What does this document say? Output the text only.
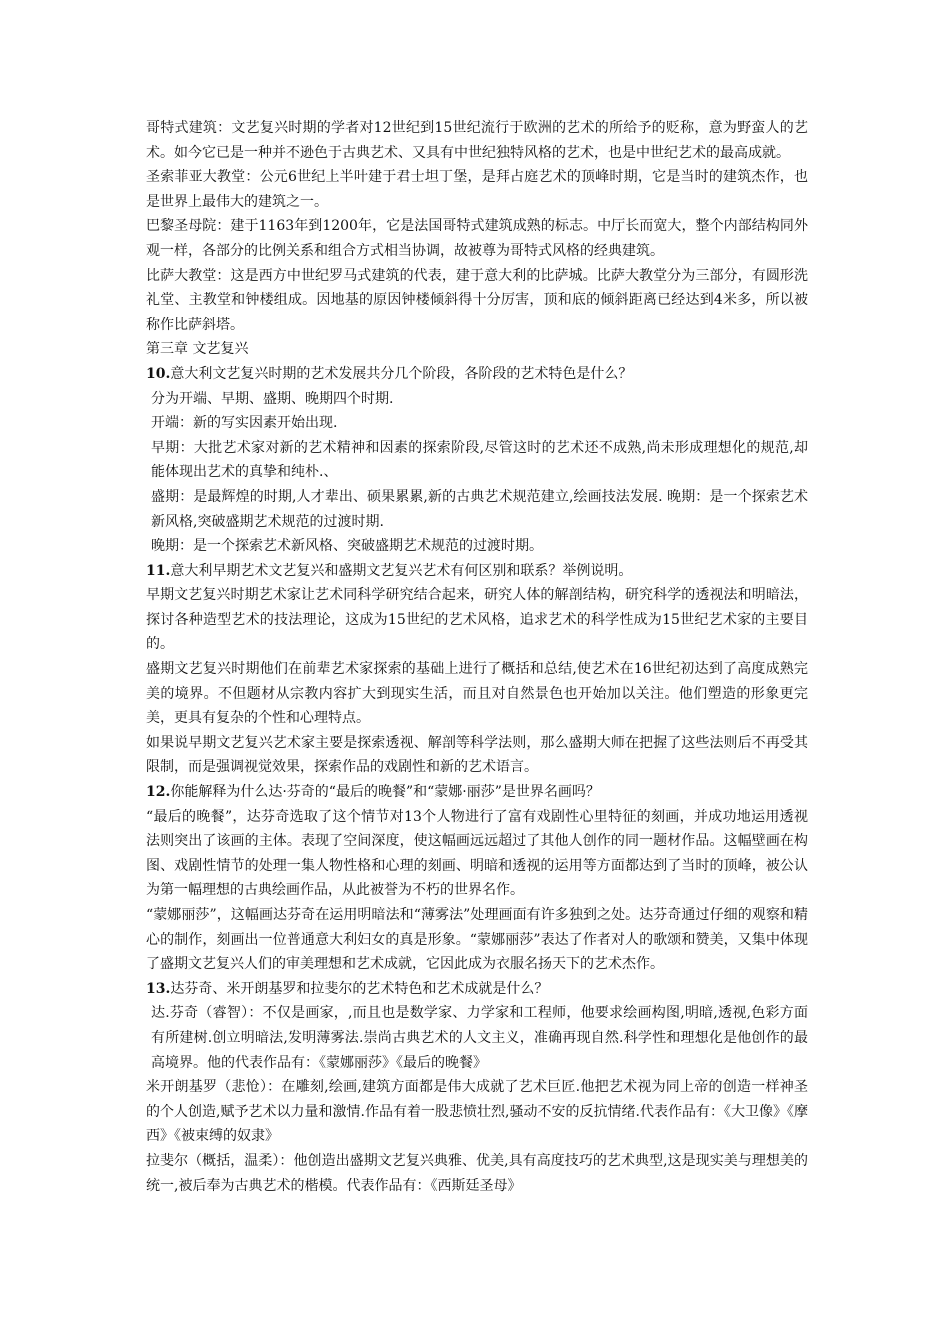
哥特式建筑：文艺复兴时期的学者对12世纪到15世纪流行于欧洲的艺术的所给予的贬称，意为野蛮人的艺术。如今它已是一种并不逊色于古典艺术、又具有中世纪独特风格的艺术，也是中世纪艺术的最高成就。

圣索菲亚大教堂：公元6世纪上半叶建于君士坦丁堡，是拜占庭艺术的顶峰时期，它是当时的建筑杰作，也是世界上最伟大的建筑之一。

巴黎圣母院：建于1163年到1200年，它是法国哥特式建筑成熟的标志。中厅长而宽大，整个内部结构同外观一样，各部分的比例关系和组合方式相当协调，故被尊为哥特式风格的经典建筑。

比萨大教堂：这是西方中世纪罗马式建筑的代表，建于意大利的比萨城。比萨大教堂分为三部分，有圆形洗礼堂、主教堂和钟楼组成。因地基的原因钟楼倾斜得十分厉害，顶和底的倾斜距离已经达到4米多，所以被称作比萨斜塔。

第三章 文艺复兴

10.意大利文艺复兴时期的艺术发展共分几个阶段，各阶段的艺术特色是什么？

分为开端、早期、盛期、晚期四个时期.

开端：新的写实因素开始出现.

早期：大批艺术家对新的艺术精神和因素的探索阶段,尽管这时的艺术还不成熟,尚未形成理想化的规范,却能体现出艺术的真挚和纯朴.、

盛期：是最辉煌的时期,人才辈出、硕果累累,新的古典艺术规范建立,绘画技法发展. 晚期：是一个探索艺术新风格,突破盛期艺术规范的过渡时期.

晚期：是一个探索艺术新风格、突破盛期艺术规范的过渡时期。

11.意大利早期艺术文艺复兴和盛期文艺复兴艺术有何区别和联系？举例说明。

早期文艺复兴时期艺术家让艺术同科学研究结合起来，研究人体的解剖结构，研究科学的透视法和明暗法，探讨各种造型艺术的技法理论，这成为15世纪的艺术风格，追求艺术的科学性成为15世纪艺术家的主要目的。

盛期文艺复兴时期他们在前辈艺术家探索的基础上进行了概括和总结,使艺术在16世纪初达到了高度成熟完美的境界。不但题材从宗教内容扩大到现实生活，而且对自然景色也开始加以关注。他们塑造的形象更完美，更具有复杂的个性和心理特点。

如果说早期文艺复兴艺术家主要是探索透视、解剖等科学法则，那么盛期大师在把握了这些法则后不再受其限制，而是强调视觉效果，探索作品的戏剧性和新的艺术语言。

12.你能解释为什么达·芬奇的“最后的晚餐”和“蒙娜·丽莎”是世界名画吗？

“最后的晚餐”，达芬奇选取了这个情节对13个人物进行了富有戏剧性心里特征的刻画，并成功地运用透视法则突出了该画的主体。表现了空间深度，使这幅画远远超过了其他人创作的同一题材作品。这幅壁画在构图、戏剧性情节的处理一集人物性格和心理的刻画、明暗和透视的运用等方面都达到了当时的顶峰，被公认为第一幅理想的古典绘画作品，从此被誉为不朽的世界名作。

“蒙娜丽莎”，这幅画达芬奇在运用明暗法和“薄雾法”处理画面有许多独到之处。达芬奇通过仔细的观察和精心的制作，刻画出一位普通意大利妇女的真是形象。“蒙娜丽莎”表达了作者对人的歌颂和赞美，又集中体现了盛期文艺复兴人们的审美理想和艺术成就，它因此成为衣服名扬天下的艺术杰作。

13.达芬奇、米开朗基罗和拉斐尔的艺术特色和艺术成就是什么？

达.芬奇（睿智）：不仅是画家，,而且也是数学家、力学家和工程师，他要求绘画构图,明暗,透视,色彩方面有所建树.创立明暗法,发明薄雾法.崇尚古典艺术的人文主义，准确再现自然.科学性和理想化是他创作的最高境界。他的代表作品有：《蒙娜丽莎》《最后的晚餐》

米开朗基罗（悲怆）：在雕刻,绘画,建筑方面都是伟大成就了艺术巨匠.他把艺术视为同上帝的创造一样神圣的个人创造,赋予艺术以力量和激情.作品有着一股悲愤壮烈,骚动不安的反抗情绪.代表作品有：《大卫像》《摩西》《被束缚的奴隶》

拉斐尔（概括，温柔）：他创造出盛期文艺复兴典雅、优美,具有高度技巧的艺术典型,这是现实美与理想美的统一,被后奉为古典艺术的楷模。代表作品有：《西斯廷圣母》
